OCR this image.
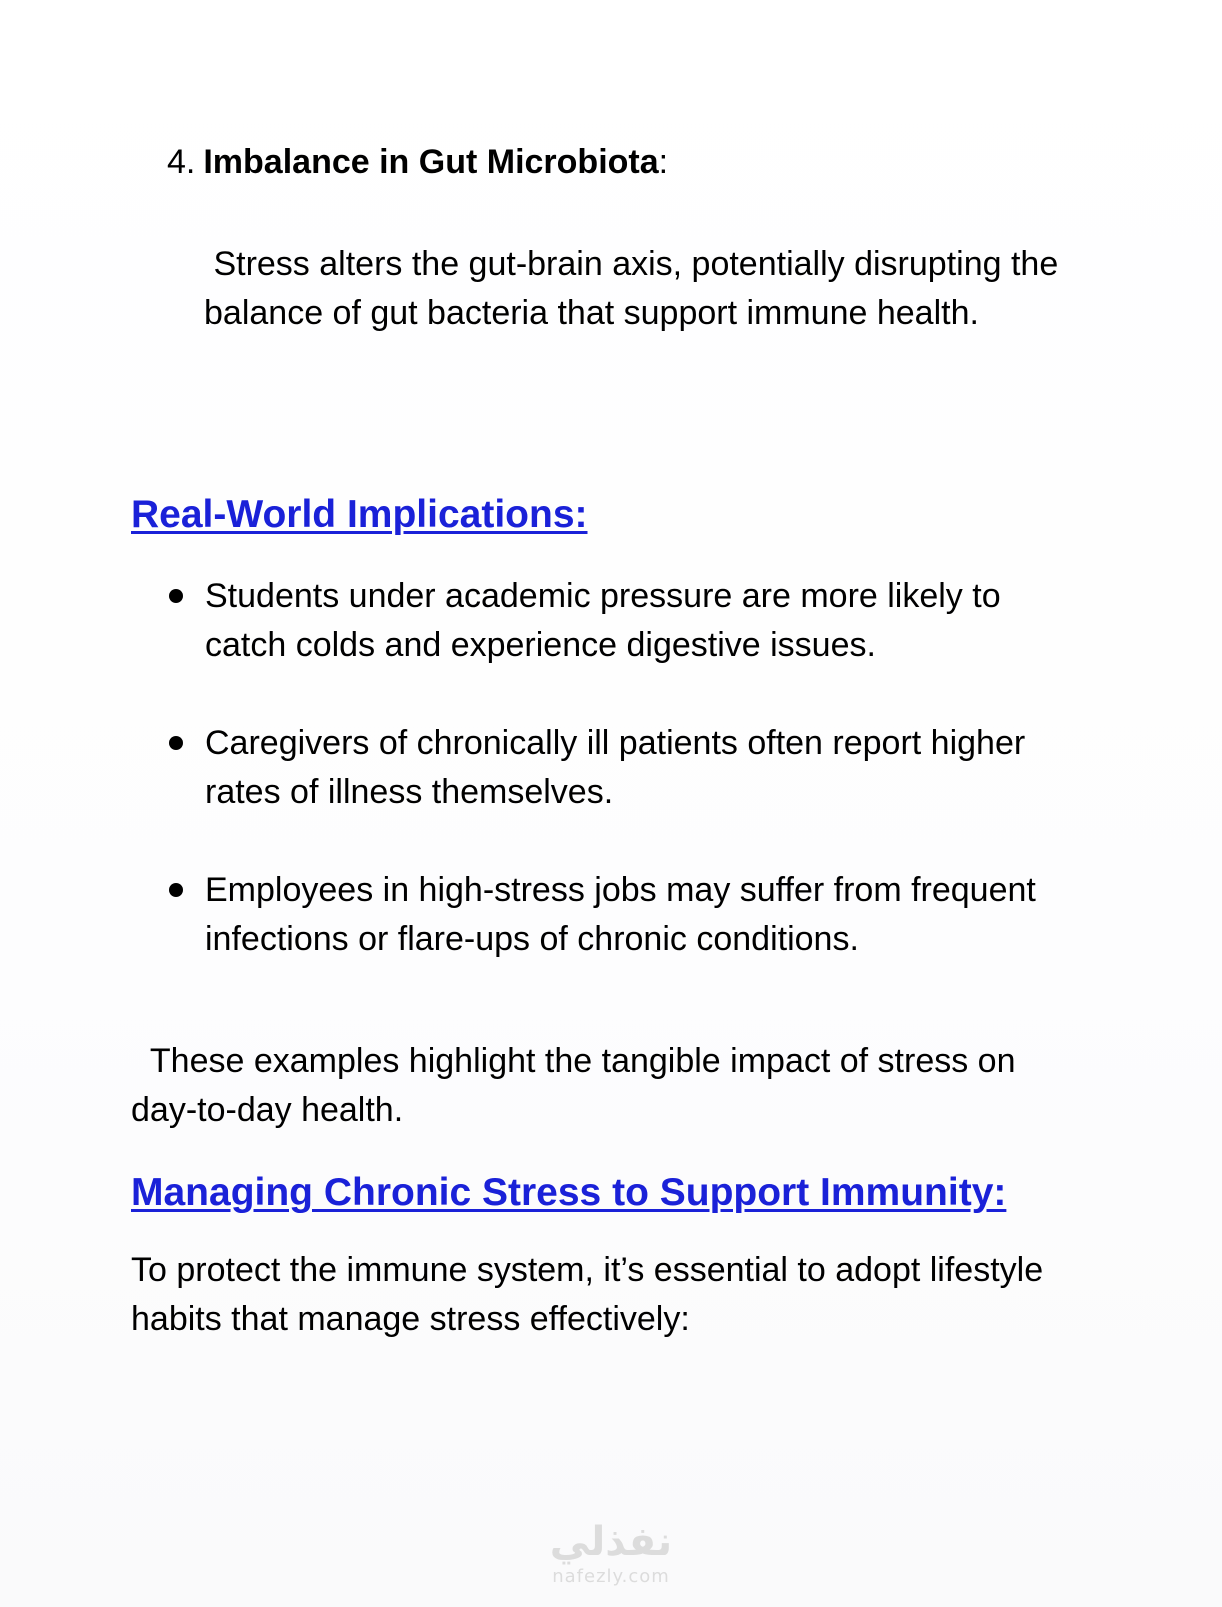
4. Imbalance in Gut Microbiota:
Stress alters the gut-brain axis, potentially disrupting the balance of gut bacteria that support immune health.
Real-World Implications:
Students under academic pressure are more likely to catch colds and experience digestive issues.
Caregivers of chronically ill patients often report higher rates of illness themselves.
Employees in high-stress jobs may suffer from frequent infections or flare-ups of chronic conditions.
These examples highlight the tangible impact of stress on day-to-day health.
Managing Chronic Stress to Support Immunity:
To protect the immune system, it’s essential to adopt lifestyle habits that manage stress effectively:
نفذلي
nafezly.com
